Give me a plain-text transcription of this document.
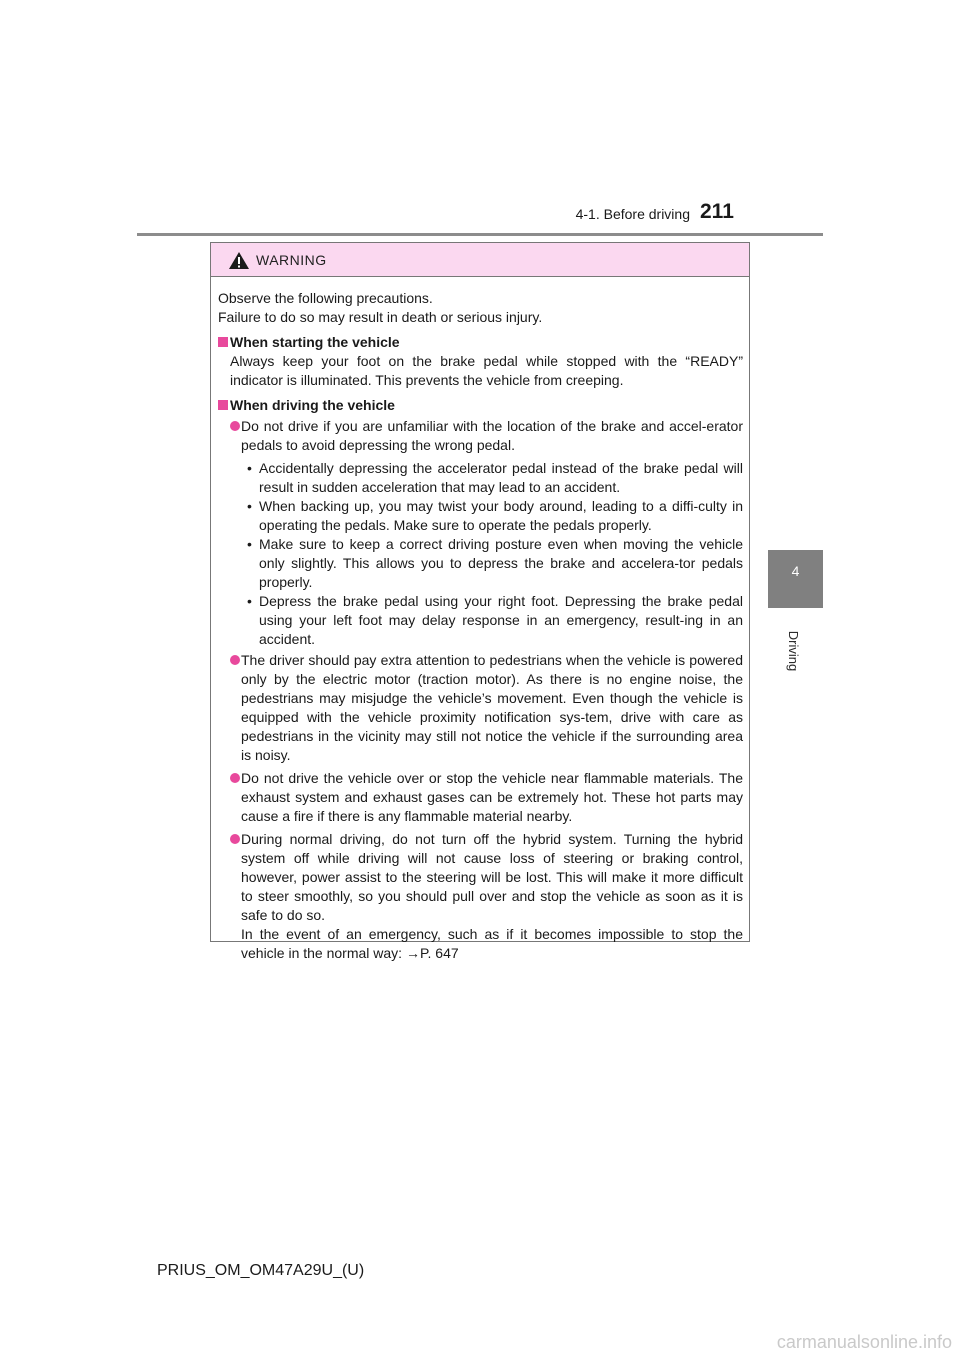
4-1. Before driving 211
4
Driving
WARNING

Observe the following precautions.

Failure to do so may result in death or serious injury.

When starting the vehicle
Always keep your foot on the brake pedal while stopped with the “READY” indicator is illuminated. This prevents the vehicle from creeping.
When driving the vehicle

Do not drive if you are unfamiliar with the location of the brake and accel-erator pedals to avoid depressing the wrong pedal.

• Accidentally depressing the accelerator pedal instead of the brake pedal will result in sudden acceleration that may lead to an accident.
• When backing up, you may twist your body around, leading to a diffi-culty in operating the pedals. Make sure to operate the pedals properly.
• Make sure to keep a correct driving posture even when moving the vehicle only slightly. This allows you to depress the brake and accelera-tor pedals properly.
• Depress the brake pedal using your right foot. Depressing the brake pedal using your left foot may delay response in an emergency, result-ing in an accident.

The driver should pay extra attention to pedestrians when the vehicle is powered only by the electric motor (traction motor). As there is no engine noise, the pedestrians may misjudge the vehicle’s movement. Even though the vehicle is equipped with the vehicle proximity notification sys-tem, drive with care as pedestrians in the vicinity may still not notice the vehicle if the surrounding area is noisy.

Do not drive the vehicle over or stop the vehicle near flammable materials. The exhaust system and exhaust gases can be extremely hot. These hot parts may cause a fire if there is any flammable material nearby.

During normal driving, do not turn off the hybrid system. Turning the hybrid system off while driving will not cause loss of steering or braking control, however, power assist to the steering will be lost. This will make it more difficult to steer smoothly, so you should pull over and stop the vehicle as soon as it is safe to do so.

In the event of an emergency, such as if it becomes impossible to stop the vehicle in the normal way: →P. 647

PRIUS_OM_OM47A29U_(U)
carmanualsonline.info
